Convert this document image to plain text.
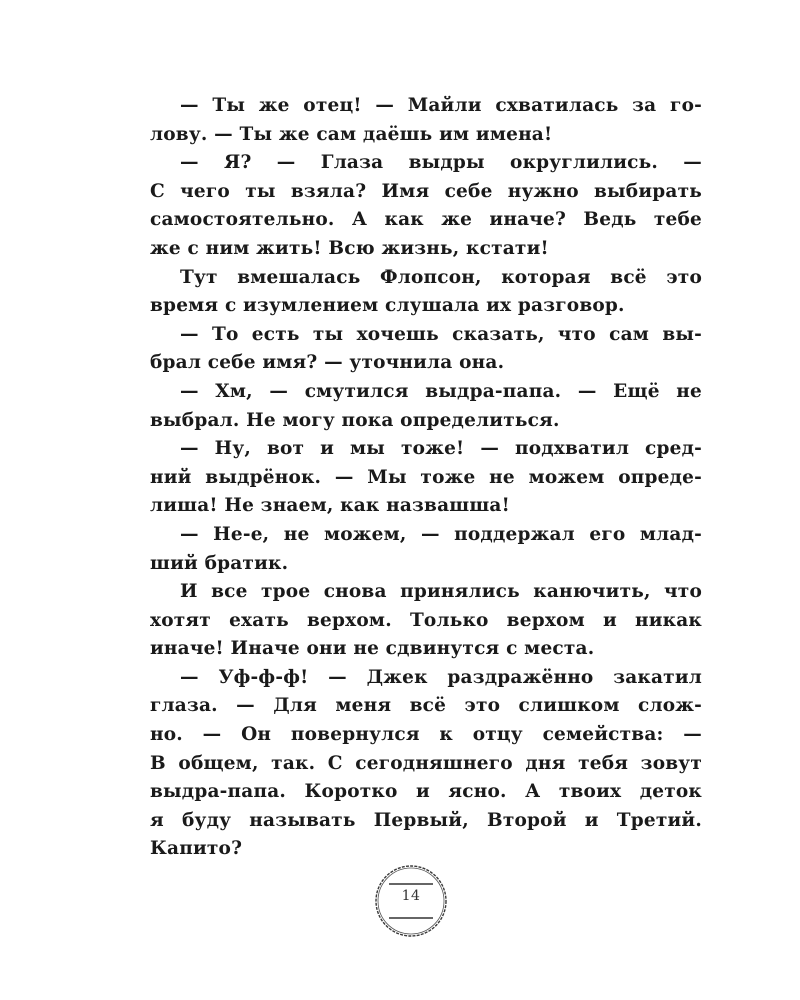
— Ты же отец! — Майли схватилась за го-
лову. — Ты же сам даёшь им имена!
— Я? — Глаза выдры округлились. —
С чего ты взяла? Имя себе нужно выбирать
самостоятельно. А как же иначе? Ведь тебе
же с ним жить! Всю жизнь, кстати!
Тут вмешалась Флопсон, которая всё это
время с изумлением слушала их разговор.
— То есть ты хочешь сказать, что сам вы-
брал себе имя? — уточнила она.
— Хм, — смутился выдра-папа. — Ещё не
выбрал. Не могу пока определиться.
— Ну, вот и мы тоже! — подхватил сред-
ний выдрёнок. — Мы тоже не можем опреде-
лиша! Не знаем, как назвашша!
— Не-е, не можем, — поддержал его млад-
ший братик.
И все трое снова принялись канючить, что
хотят ехать верхом. Только верхом и никак
иначе! Иначе они не сдвинутся с места.
— Уф-ф-ф! — Джек раздражённо закатил
глаза. — Для меня всё это слишком слож-
но. — Он повернулся к отцу семейства: —
В общем, так. С сегодняшнего дня тебя зовут
выдра-папа. Коротко и ясно. А твоих деток
я буду называть Первый, Второй и Третий.
Капито?
14
